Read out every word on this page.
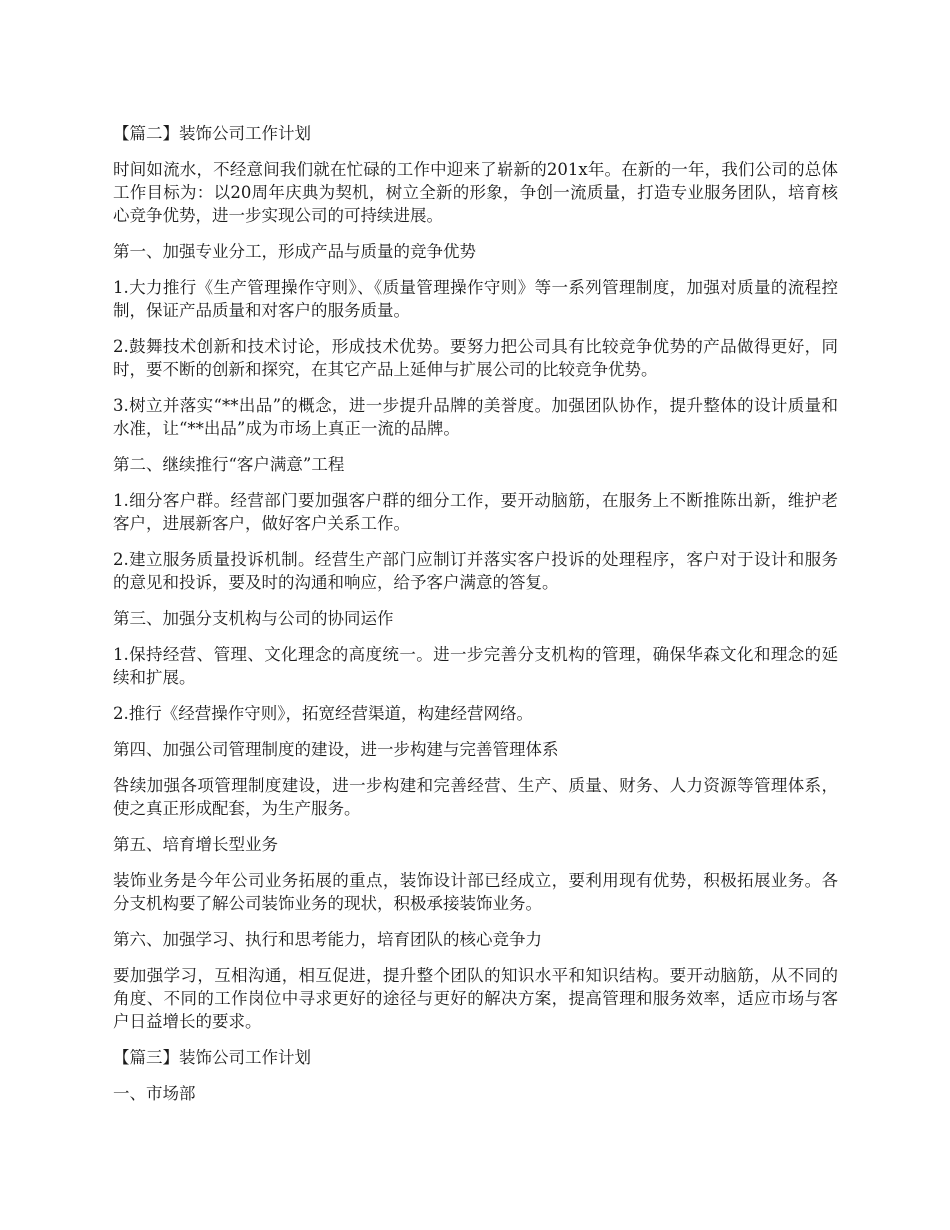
【篇二】装饰公司工作计划

时间如流水，不经意间我们就在忙碌的工作中迎来了崭新的201x年。在新的一年，我们公司的总体工作目标为：以20周年庆典为契机，树立全新的形象，争创一流质量，打造专业服务团队，培育核心竞争优势，进一步实现公司的可持续进展。

第一、加强专业分工，形成产品与质量的竞争优势

1.大力推行《生产管理操作守则》、《质量管理操作守则》等一系列管理制度，加强对质量的流程控制，保证产品质量和对客户的服务质量。

2.鼓舞技术创新和技术讨论，形成技术优势。要努力把公司具有比较竞争优势的产品做得更好，同时，要不断的创新和探究，在其它产品上延伸与扩展公司的比较竞争优势。

3.树立并落实“**出品”的概念，进一步提升品牌的美誉度。加强团队协作，提升整体的设计质量和水准，让“**出品”成为市场上真正一流的品牌。

第二、继续推行“客户满意”工程

1.细分客户群。经营部门要加强客户群的细分工作，要开动脑筋，在服务上不断推陈出新，维护老客户，进展新客户，做好客户关系工作。

2.建立服务质量投诉机制。经营生产部门应制订并落实客户投诉的处理程序，客户对于设计和服务的意见和投诉，要及时的沟通和响应，给予客户满意的答复。

第三、加强分支机构与公司的协同运作

1.保持经营、管理、文化理念的高度统一。进一步完善分支机构的管理，确保华森文化和理念的延续和扩展。

2.推行《经营操作守则》，拓宽经营渠道，构建经营网络。

第四、加强公司管理制度的建设，进一步构建与完善管理体系

咎续加强各项管理制度建设，进一步构建和完善经营、生产、质量、财务、人力资源等管理体系，使之真正形成配套，为生产服务。

第五、培育增长型业务

装饰业务是今年公司业务拓展的重点，装饰设计部已经成立，要利用现有优势，积极拓展业务。各分支机构要了解公司装饰业务的现状，积极承接装饰业务。

第六、加强学习、执行和思考能力，培育团队的核心竞争力

要加强学习，互相沟通，相互促进，提升整个团队的知识水平和知识结构。要开动脑筋，从不同的角度、不同的工作岗位中寻求更好的途径与更好的解决方案，提高管理和服务效率，适应市场与客户日益增长的要求。

【篇三】装饰公司工作计划

一、市场部
